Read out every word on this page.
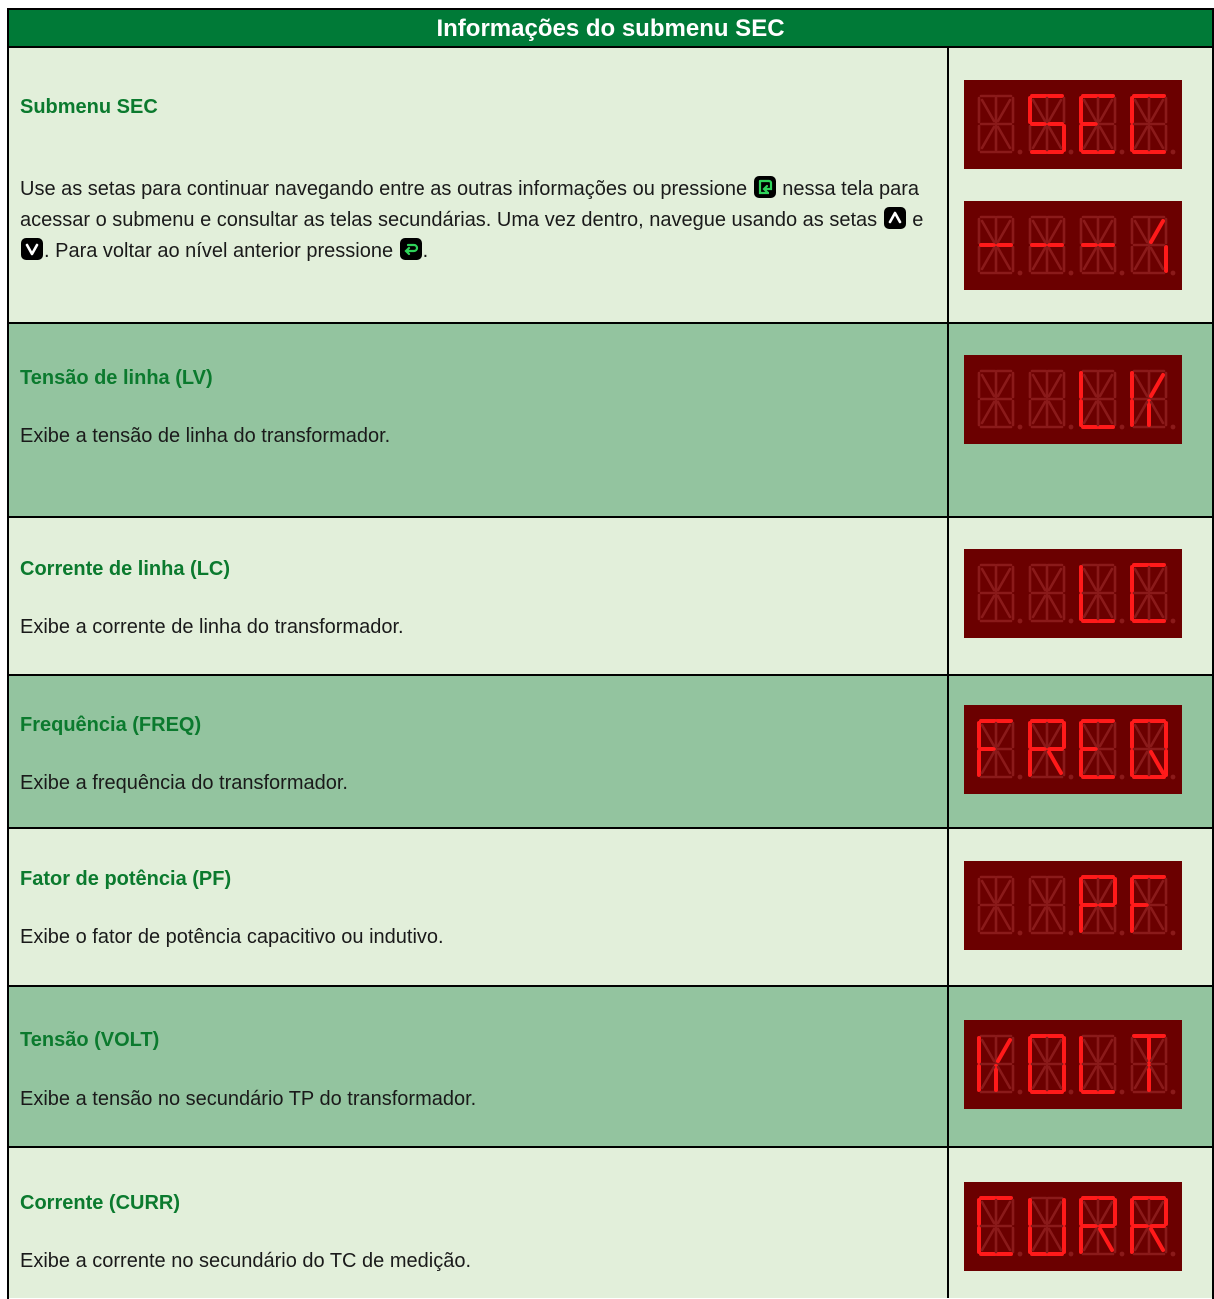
Informações do submenu SEC
Submenu SEC
Use as setas para continuar navegando entre as outras informações ou pressione nessa tela para acessar o submenu e consultar as telas secundárias. Uma vez dentro, navegue usando as setas e
. Para voltar ao nível anterior pressione .
Tensão de linha (LV)
Exibe a tensão de linha do transformador.
Corrente de linha (LC)
Exibe a corrente de linha do transformador.
Frequência (FREQ)
Exibe a frequência do transformador.
Fator de potência (PF)
Exibe o fator de potência capacitivo ou indutivo.
Tensão (VOLT)
Exibe a tensão no secundário TP do transformador.
Corrente (CURR)
Exibe a corrente no secundário do TC de medição.
